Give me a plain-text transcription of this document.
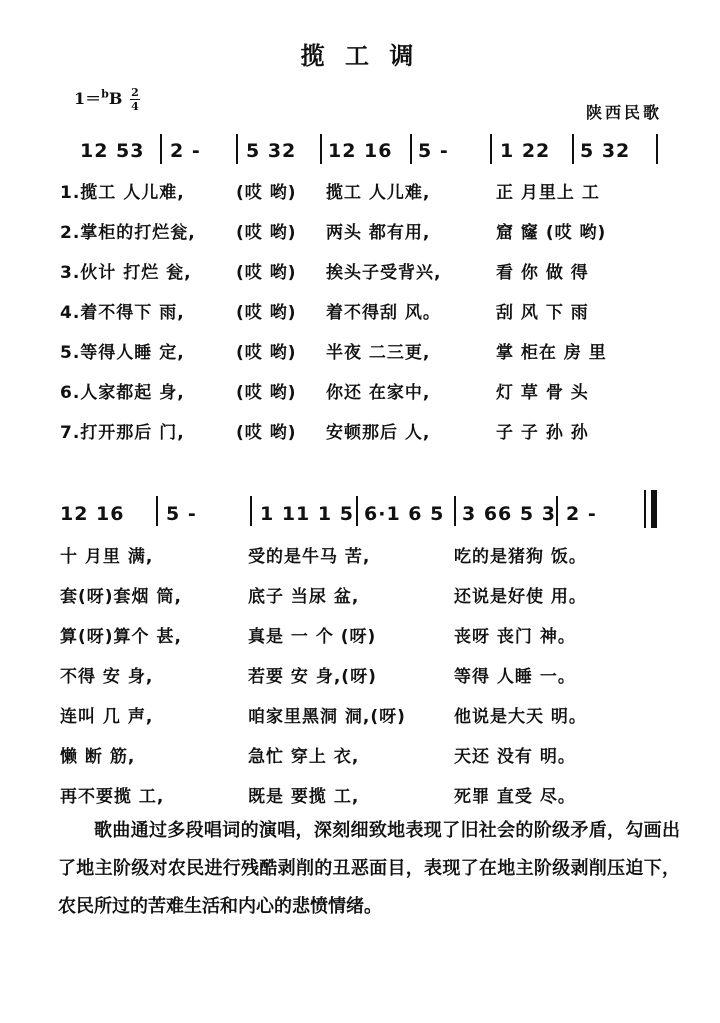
揽 工 调
$1=^bB \frac{2}{4}$
陕西民歌
12 53 2 - 5 32 12 16 5 -	1 22 5 32
1.揽工 人儿难,	(哎 哟) 揽工 人儿难,	正 月里上 工
2.掌柜的打烂瓮, (哎 哟) 两头 都有用,	窟 窿 (哎 哟)
3.伙计 打烂 瓮,	(哎 哟) 挨头子受背兴,	看 你 做 得
4.着不得下 雨,	(哎 哟) 着不得刮 风。	刮 风 下 雨
5.等得人睡 定,	(哎 哟) 半夜 二三更,	掌 柜在 房 里
6.人家都起 身,	(哎 哟) 你还 在家中,	灯 草 骨 头
7.打开那后 门,	(哎 哟) 安顿那后 人,	子 子 孙 孙
12 16 5 -	1 11 1 5 6·1 6 5 3 66 5 3 2 -
十 月里 满,	受的是牛马 苦,	吃的是猪狗 饭。
套(呀)套烟 筒,	底子 当尿 盆,	还说是好使 用。
算(呀)算个 甚,	真是 一 个 (呀)	丧呀 丧门 神。
不得 安 身,	若要 安 身,(呀)	等得 人睡 一。
连叫 几 声,	咱家里黑洞 洞,(呀)	他说是大天 明。
懒 断 筋,	急忙 穿上 衣,	天还 没有 明。
再不要揽 工,	既是 要揽 工,	死罪 直受 尽。
歌曲通过多段唱词的演唱，深刻细致地表现了旧社会的阶级矛盾，勾画出了地主阶级对农民进行残酷剥削的丑恶面目，表现了在地主阶级剥削压迫下，农民所过的苦难生活和内心的悲愤情绪。
